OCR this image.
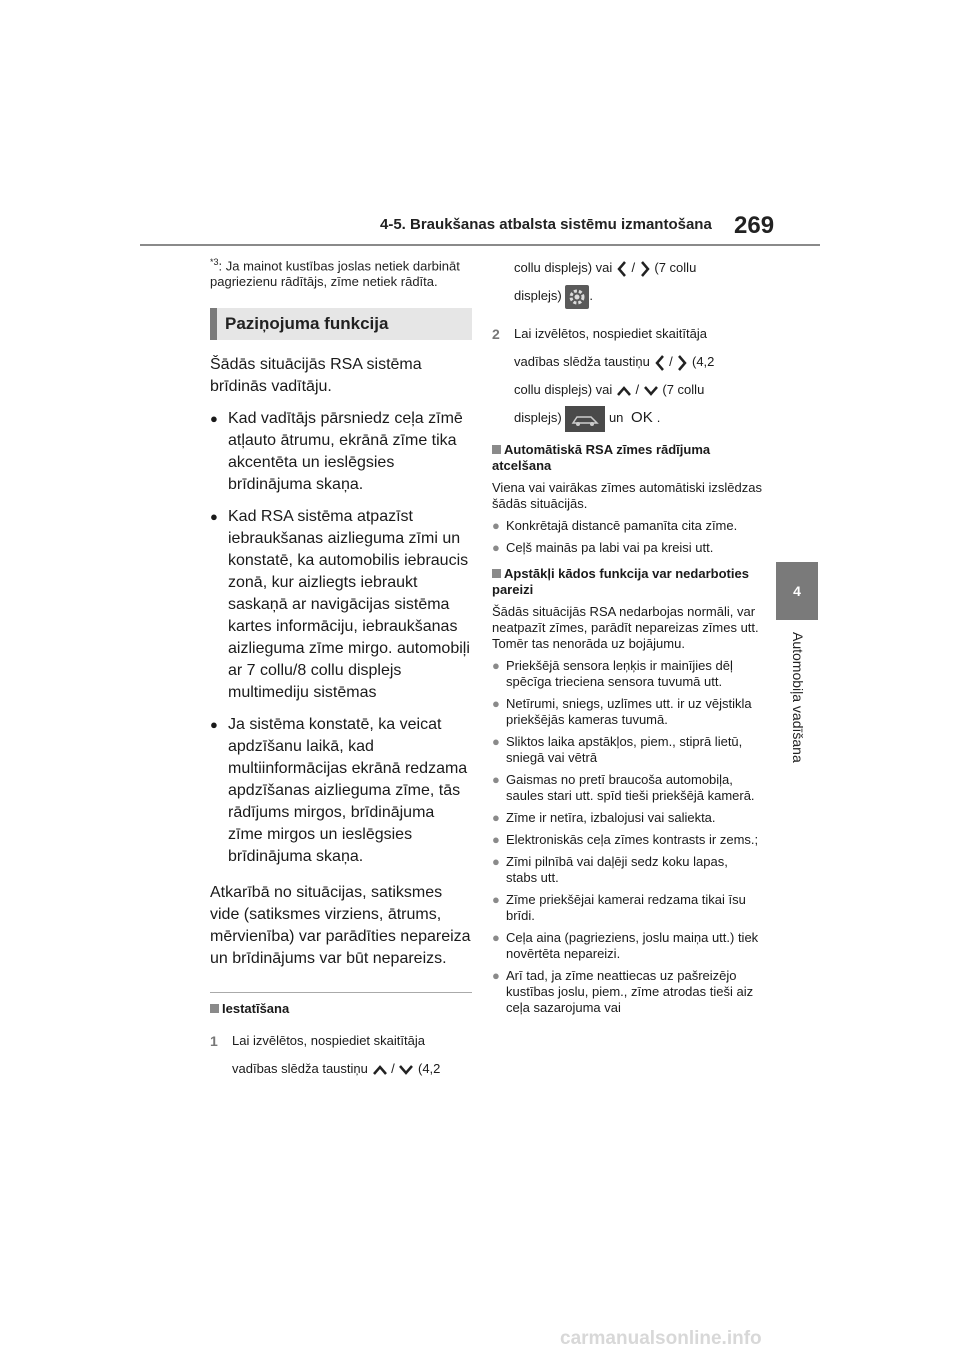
4-5. Braukšanas atbalsta sistēmu izmantošana 269
4
Automobiļa vadīšana
$^{*3}$: Ja mainot kustības joslas netiek darbināt pagriezienu rādītājs, zīme netiek rādīta.
Paziņojuma funkcija
Šādās situācijās RSA sistēma brīdinās vadītāju.
● Kad vadītājs pārsniedz ceļa zīmē atļauto ātrumu, ekrānā zīme tika akcentēta un ieslēgsies brīdinājuma skaņa.
● Kad RSA sistēma atpazīst iebraukšanas aizlieguma zīmi un konstatē, ka automobilis iebraucis zonā, kur aizliegts iebraukt saskaņā ar navigācijas sistēma kartes informāciju, iebraukšanas aizlieguma zīme mirgo. automobiļi ar 7 collu/8 collu displejs multimediju sistēmas
● Ja sistēma konstatē, ka veicat apdzīšanu laikā, kad multiinformācijas ekrānā redzama apdzīšanas aizlieguma zīme, tās rādījums mirgos, brīdinājuma zīme mirgos un ieslēgsies brīdinājuma skaņa.
Atkarībā no situācijas, satiksmes vide (satiksmes virziens, ātrums, mērvienība) var parādīties nepareiza un brīdinājums var būt nepareizs.
Iestatīšana
1	Lai izvēlētos, nospiediet skaitītāja
vadības slēdža taustiņu / (4,2
collu displejs) vai / (7 collu
displejs) .
2	Lai izvēlētos, nospiediet skaitītāja
vadības slēdža taustiņu / (4,2
collu displejs) vai / (7 collu
displejs)	un OK .
Automātiskā RSA zīmes rādījuma atcelšana
Viena vai vairākas zīmes automātiski izslēdzas šādās situācijās.
● Konkrētajā distancē pamanīta cita zīme.
● Ceļš mainās pa labi vai pa kreisi utt.
Apstākļi kādos funkcija var nedarboties pareizi
Šādās situācijās RSA nedarbojas normāli, var neatpazīt zīmes, parādīt nepareizas zīmes utt. Tomēr tas nenorāda uz bojājumu.
● Priekšējā sensora leņķis ir mainījies dēļ spēcīga trieciena sensora tuvumā utt.
● Netīrumi, sniegs, uzlīmes utt. ir uz vējstikla priekšējās kameras tuvumā.
● Sliktos laika apstākļos, piem., stiprā lietū, sniegā vai vētrā
● Gaismas no pretī braucoša automobiļa, saules stari utt. spīd tieši priekšējā kamerā.
● Zīme ir netīra, izbalojusi vai saliekta.
● Elektroniskās ceļa zīmes kontrasts ir zems.;
● Zīmi pilnībā vai daļēji sedz koku lapas, stabs utt.
● Zīme priekšējai kamerai redzama tikai īsu brīdi.
● Ceļa aina (pagrieziens, joslu maiņa utt.) tiek novērtēta nepareizi.
● Arī tad, ja zīme neattiecas uz pašreizējo kustības joslu, piem., zīme atrodas tieši aiz ceļa sazarojuma vai
carmanualsonline.info
